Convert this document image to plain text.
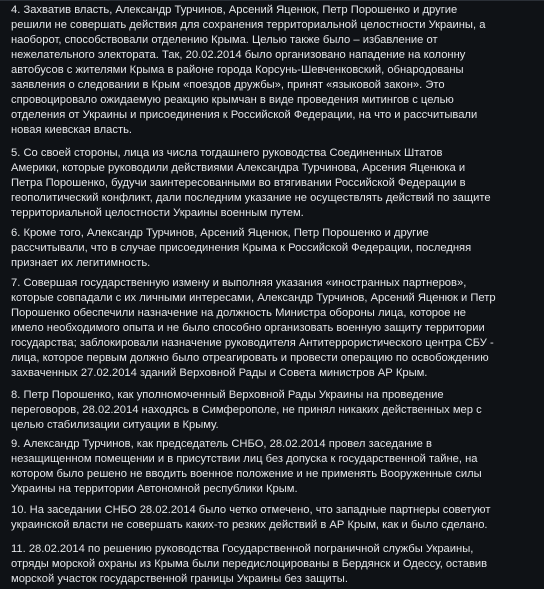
4. Захватив власть, Александр Турчинов, Арсений Яценюк, Петр Порошенко и другие
решили не совершать действия для сохранения территориальной целостности Украины, а
наоборот, способствовали отделению Крыма. Целью также было – избавление от
нежелательного электората. Так, 20.02.2014 было организовано нападение на колонну
автобусов с жителями Крыма в районе города Корсунь-Шевченковский, обнародованы
заявления о следовании в Крым «поездов дружбы», принят «языковой закон». Это
спровоцировало ожидаемую реакцию крымчан в виде проведения митингов с целью
отделения от Украины и присоединения к Российской Федерации, на что и рассчитывали
новая киевская власть.

5. Со своей стороны, лица из числа тогдашнего руководства Соединенных Штатов
Америки, которые руководили действиями Александра Турчинова, Арсения Яценюка и
Петра Порошенко, будучи заинтересованными во втягивании Российской Федерации в
геополитический конфликт, дали последним указание не осуществлять действий по защите
территориальной целостности Украины военным путем.

6. Кроме того, Александр Турчинов, Арсений Яценюк, Петр Порошенко и другие
рассчитывали, что в случае присоединения Крыма к Российской Федерации, последняя
признает их легитимность.

7. Совершая государственную измену и выполняя указания «иностранных партнеров»,
которые совпадали с их личными интересами, Александр Турчинов, Арсений Яценюк и Петр
Порошенко обеспечили назначение на должность Министра обороны лица, которое не
имело необходимого опыта и не было способно организовать военную защиту территории
государства; заблокировали назначение руководителя Антитеррористического центра СБУ -
лица, которое первым должно было отреагировать и провести операцию по освобождению
захваченных 27.02.2014 зданий Верховной Рады и Совета министров АР Крым.

8. Петр Порошенко, как уполномоченный Верховной Рады Украины на проведение
переговоров, 28.02.2014 находясь в Симферополе, не принял никаких действенных мер с
целью стабилизации ситуации в Крыму.

9. Александр Турчинов, как председатель СНБО, 28.02.2014 провел заседание в
незащищенном помещении и в присутствии лиц без допуска к государственной тайне, на
котором было решено не вводить военное положение и не применять Вооруженные силы
Украины на территории Автономной республики Крым.

10. На заседании СНБО 28.02.2014 было четко отмечено, что западные партнеры советуют
украинской власти не совершать каких-то резких действий в АР Крым, как и было сделано.

11. 28.02.2014 по решению руководства Государственной пограничной службы Украины,
отряды морской охраны из Крыма были передислоцированы в Бердянск и Одессу, оставив
морской участок государственной границы Украины без защиты.
